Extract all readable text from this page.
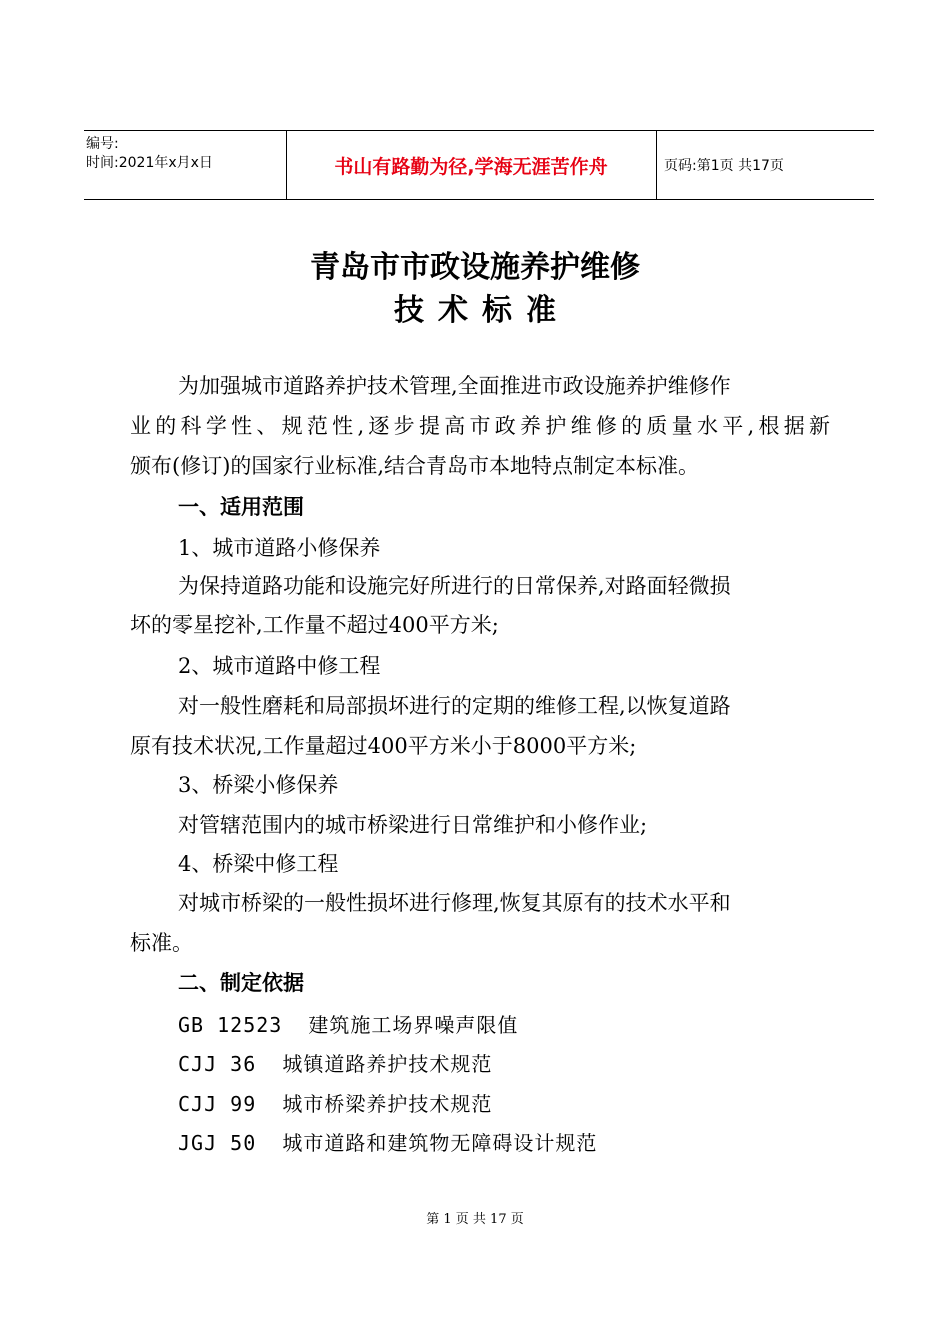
编号:
时间:2021年x月x日	书山有路勤为径,学海无涯苦作舟	页码:第1页 共17页
青岛市市政设施养护维修
技术标准
为加强城市道路养护技术管理,全面推进市政设施养护维修作
业的科学性、规范性,逐步提高市政养护维修的质量水平,根据新
颁布(修订)的国家行业标准,结合青岛市本地特点制定本标准。
一、适用范围
1、城市道路小修保养
为保持道路功能和设施完好所进行的日常保养,对路面轻微损
坏的零星挖补,工作量不超过400平方米;
2、城市道路中修工程
对一般性磨耗和局部损坏进行的定期的维修工程,以恢复道路
原有技术状况,工作量超过400平方米小于8000平方米;
3、桥梁小修保养
对管辖范围内的城市桥梁进行日常维护和小修作业;
4、桥梁中修工程
对城市桥梁的一般性损坏进行修理,恢复其原有的技术水平和
标准。
二、制定依据
GB 12523  建筑施工场界噪声限值
CJJ 36  城镇道路养护技术规范
CJJ 99  城市桥梁养护技术规范
JGJ 50  城市道路和建筑物无障碍设计规范
第 1 页 共 17 页
